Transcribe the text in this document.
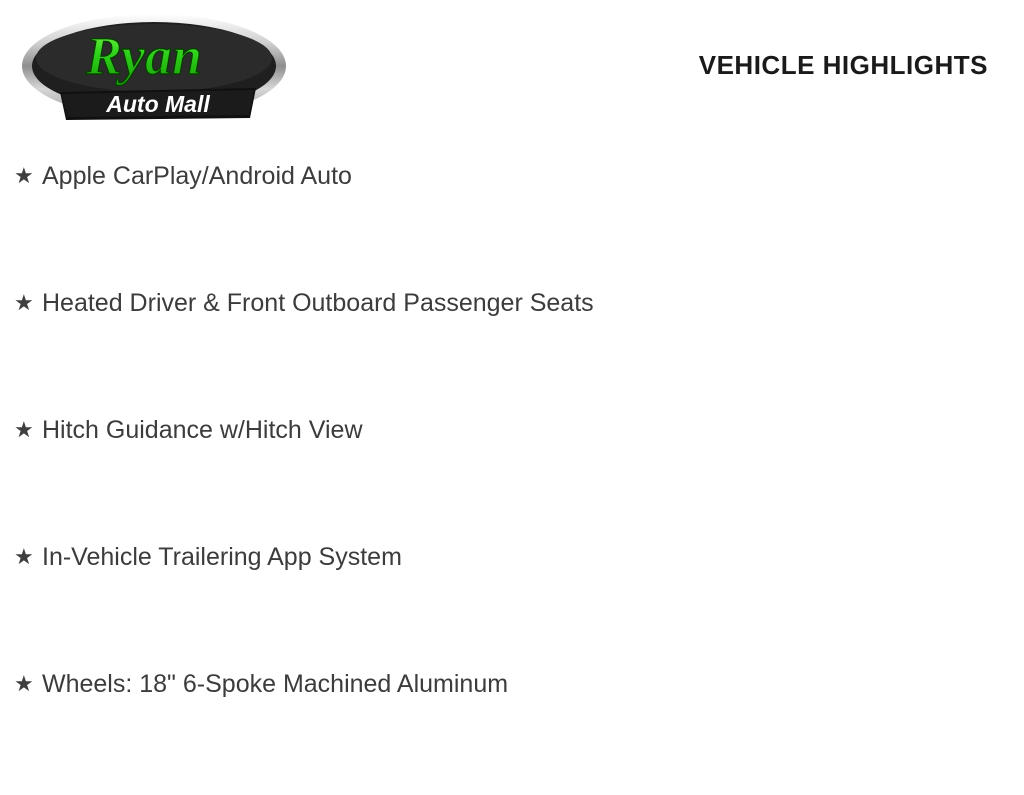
Ryan
Auto Mall
VEHICLE HIGHLIGHTS
★ Apple CarPlay/Android Auto
★ Heated Driver & Front Outboard Passenger Seats
★ Hitch Guidance w/Hitch View
★ In-Vehicle Trailering App System
★ Wheels: 18" 6-Spoke Machined Aluminum
